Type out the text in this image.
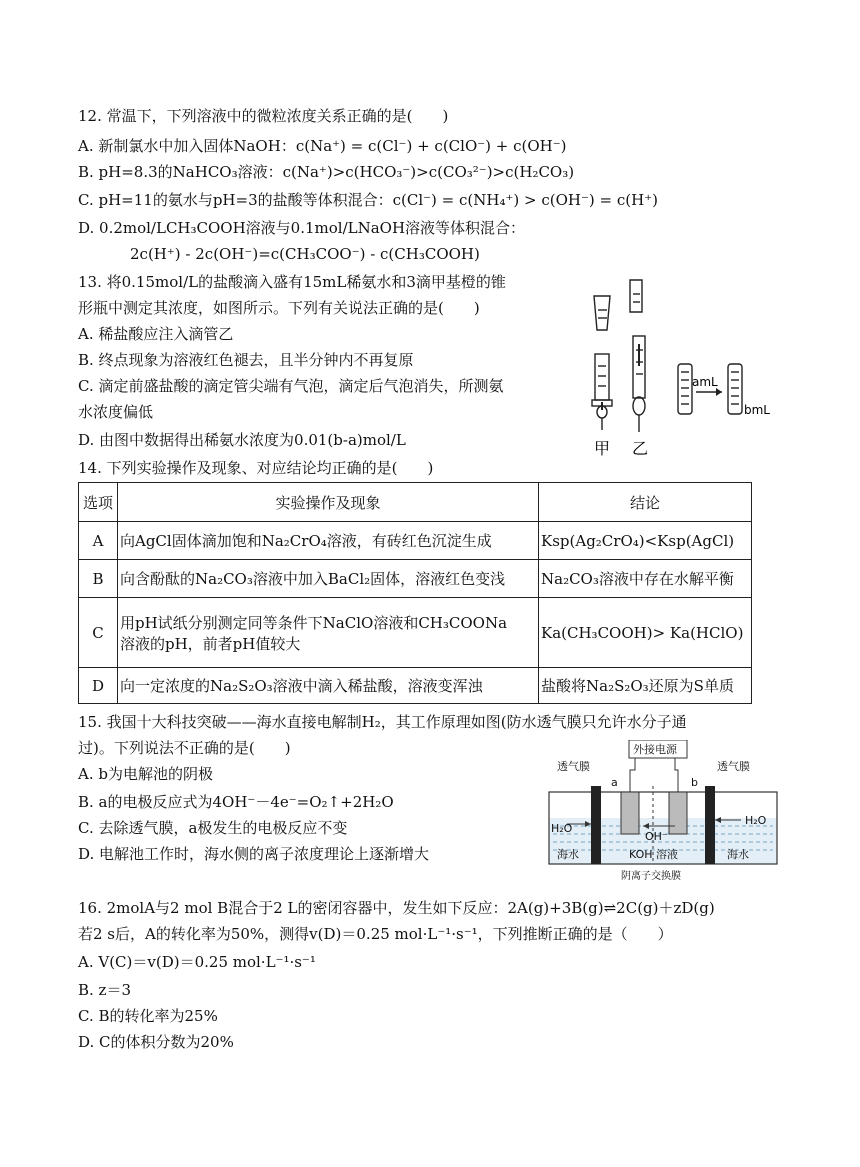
12. 常温下，下列溶液中的微粒浓度关系正确的是(　　)
A. 新制氯水中加入固体NaOH：c(Na⁺) = c(Cl⁻) + c(ClO⁻) + c(OH⁻)
B. pH=8.3的NaHCO₃溶液：c(Na⁺)>c(HCO₃⁻)>c(CO₃²⁻)>c(H₂CO₃)
C. pH=11的氨水与pH=3的盐酸等体积混合：c(Cl⁻) = c(NH₄⁺) > c(OH⁻) = c(H⁺)
D. 0.2mol/LCH₃COOH溶液与0.1mol/LNaOH溶液等体积混合：
2c(H⁺) - 2c(OH⁻)=c(CH₃COO⁻) - c(CH₃COOH)
13. 将0.15mol/L的盐酸滴入盛有15mL稀氨水和3滴甲基橙的锥
形瓶中测定其浓度，如图所示。下列有关说法正确的是(　　)
A. 稀盐酸应注入滴管乙
B. 终点现象为溶液红色褪去，且半分钟内不再复原
C. 滴定前盛盐酸的滴定管尖端有气泡，滴定后气泡消失，所测氨
水浓度偏低
D. 由图中数据得出稀氨水浓度为0.01(b-a)mol/L
amL
bmL
甲 乙
14. 下列实验操作及现象、对应结论均正确的是(　　)
选项	实验操作及现象	结论
A	向AgCl固体滴加饱和Na₂CrO₄溶液，有砖红色沉淀生成	Ksp(Ag₂CrO₄)<Ksp(AgCl)
B	向含酚酞的Na₂CO₃溶液中加入BaCl₂固体，溶液红色变浅	Na₂CO₃溶液中存在水解平衡
C	用pH试纸分别测定同等条件下NaClO溶液和CH₃COONa
溶液的pH，前者pH值较大	Ka(CH₃COOH)> Ka(HClO)
D	向一定浓度的Na₂S₂O₃溶液中滴入稀盐酸，溶液变浑浊	盐酸将Na₂S₂O₃还原为S单质
15. 我国十大科技突破——海水直接电解制H₂，其工作原理如图(防水透气膜只允许水分子通
过)。下列说法不正确的是(　　)
A. b为电解池的阴极
B. a的电极反应式为4OH⁻－4e⁻=O₂↑+2H₂O
C. 去除透气膜，a极发生的电极反应不变
D. 电解池工作时，海水侧的离子浓度理论上逐渐增大
外接电源
透气膜	透气膜
a	b
H₂O
H₂O
OH⁻
海水	海水
KOH 溶液
阴离子交换膜
16. 2molA与2 mol B混合于2 L的密闭容器中，发生如下反应：2A(g)+3B(g)⇌2C(g)＋zD(g)
若2 s后，A的转化率为50%，测得v(D)＝0.25 mol·L⁻¹·s⁻¹，下列推断正确的是（　　）
A. V(C)＝v(D)＝0.25 mol·L⁻¹·s⁻¹
B. z＝3
C. B的转化率为25%
D. C的体积分数为20%
